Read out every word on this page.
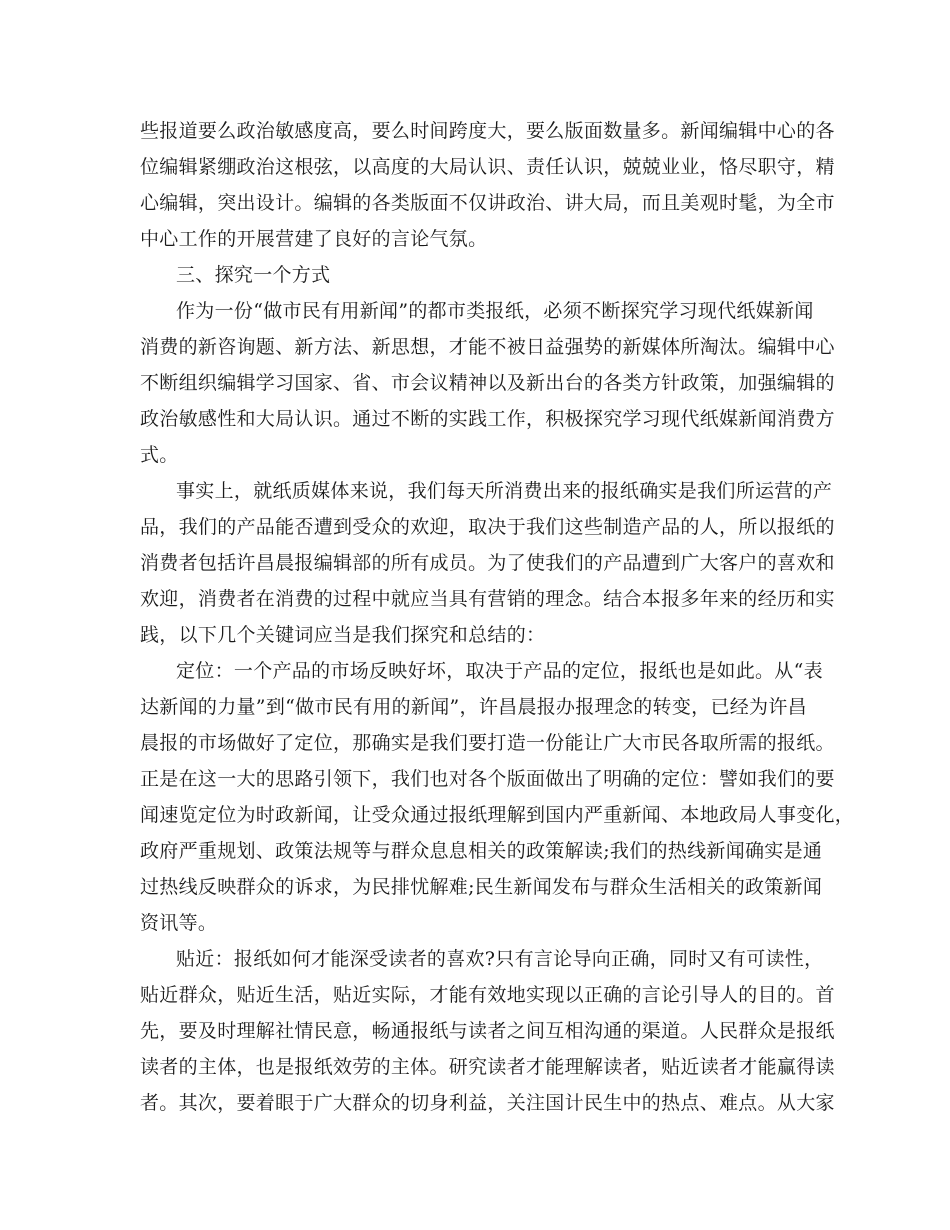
些报道要么政治敏感度高，要么时间跨度大，要么版面数量多。新闻编辑中心的各
位编辑紧绷政治这根弦，以高度的大局认识、责任认识，兢兢业业，恪尽职守，精
心编辑，突出设计。编辑的各类版面不仅讲政治、讲大局，而且美观时髦，为全市
中心工作的开展营建了良好的言论气氛。
三、探究一个方式
作为一份“做市民有用新闻”的都市类报纸，必须不断探究学习现代纸媒新闻
消费的新咨询题、新方法、新思想，才能不被日益强势的新媒体所淘汰。编辑中心
不断组织编辑学习国家、省、市会议精神以及新出台的各类方针政策，加强编辑的
政治敏感性和大局认识。通过不断的实践工作，积极探究学习现代纸媒新闻消费方
式。
事实上，就纸质媒体来说，我们每天所消费出来的报纸确实是我们所运营的产
品，我们的产品能否遭到受众的欢迎，取决于我们这些制造产品的人，所以报纸的
消费者包括许昌晨报编辑部的所有成员。为了使我们的产品遭到广大客户的喜欢和
欢迎，消费者在消费的过程中就应当具有营销的理念。结合本报多年来的经历和实
践，以下几个关键词应当是我们探究和总结的：
定位：一个产品的市场反映好坏，取决于产品的定位，报纸也是如此。从“表
达新闻的力量”到“做市民有用的新闻”，许昌晨报办报理念的转变，已经为许昌
晨报的市场做好了定位，那确实是我们要打造一份能让广大市民各取所需的报纸。
正是在这一大的思路引领下，我们也对各个版面做出了明确的定位：譬如我们的要
闻速览定位为时政新闻，让受众通过报纸理解到国内严重新闻、本地政局人事变化，
政府严重规划、政策法规等与群众息息相关的政策解读;我们的热线新闻确实是通
过热线反映群众的诉求，为民排忧解难;民生新闻发布与群众生活相关的政策新闻
资讯等。
贴近：报纸如何才能深受读者的喜欢?只有言论导向正确，同时又有可读性，
贴近群众，贴近生活，贴近实际，才能有效地实现以正确的言论引导人的目的。首
先，要及时理解社情民意，畅通报纸与读者之间互相沟通的渠道。人民群众是报纸
读者的主体，也是报纸效劳的主体。研究读者才能理解读者，贴近读者才能赢得读
者。其次，要着眼于广大群众的切身利益，关注国计民生中的热点、难点。从大家
